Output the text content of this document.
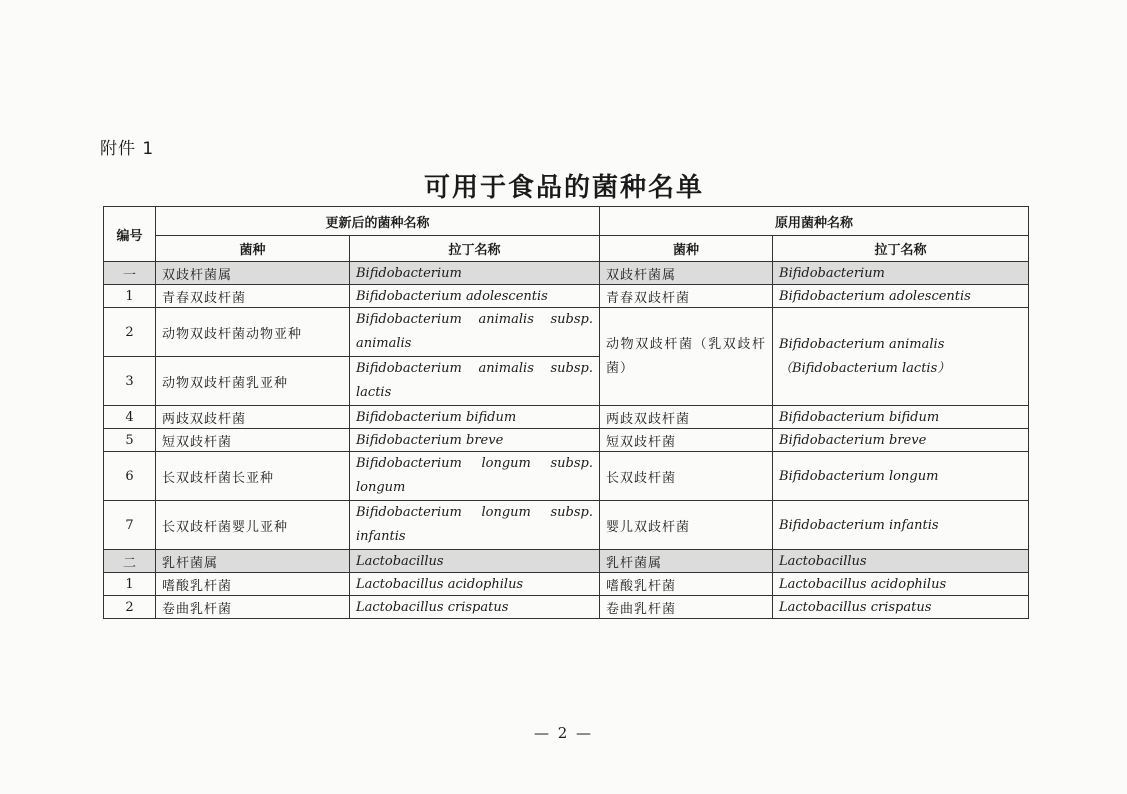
附件 1
可用于食品的菌种名单
编号	更新后的菌种名称		原用菌种名称	
	菌种	拉丁名称	菌种	拉丁名称
一	双歧杆菌属	Bifidobacterium	双歧杆菌属	Bifidobacterium
1	青春双歧杆菌	Bifidobacterium adolescentis	青春双歧杆菌	Bifidobacterium adolescentis
2	动物双歧杆菌动物亚种	Bifidobacterium animalis subsp. animalis	动物双歧杆菌（乳双歧杆菌）	Bifidobacterium animalis
（Bifidobacterium lactis）

3	动物双歧杆菌乳亚种	Bifidobacterium animalis subsp. lactis		
4	两歧双歧杆菌	Bifidobacterium bifidum	两歧双歧杆菌	Bifidobacterium bifidum
5	短双歧杆菌	Bifidobacterium breve	短双歧杆菌	Bifidobacterium breve
6	长双歧杆菌长亚种	Bifidobacterium longum subsp. longum	长双歧杆菌	Bifidobacterium longum
7	长双歧杆菌婴儿亚种	Bifidobacterium longum subsp. infantis	婴儿双歧杆菌	Bifidobacterium infantis
二	乳杆菌属	Lactobacillus	乳杆菌属	Lactobacillus
1	嗜酸乳杆菌	Lactobacillus acidophilus	嗜酸乳杆菌	Lactobacillus acidophilus
2	卷曲乳杆菌	Lactobacillus crispatus	卷曲乳杆菌	Lactobacillus crispatus
— 2 —
